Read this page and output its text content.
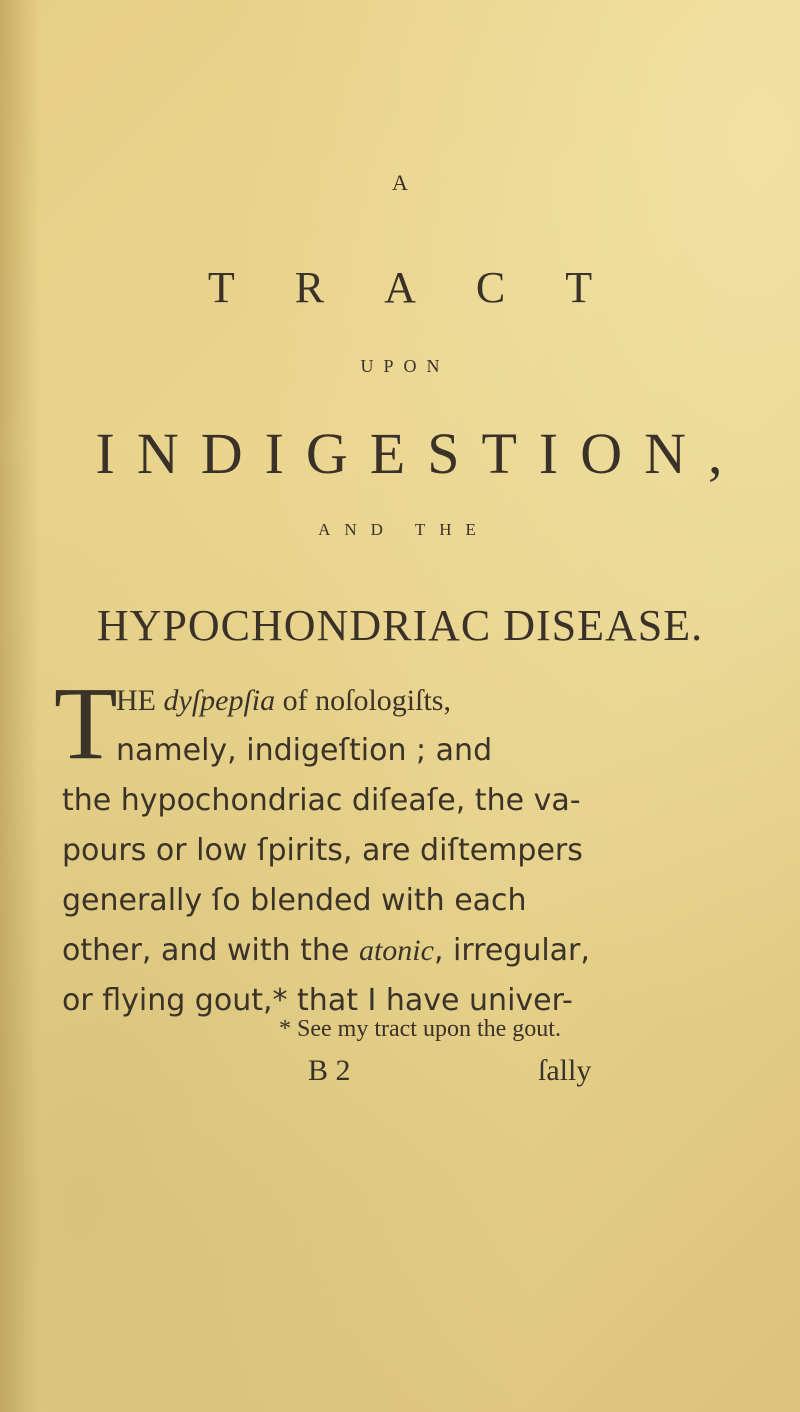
A
TRACT
UPON
INDIGESTION,
AND THE
HYPOCHONDRIAC DISEASE.
T
HE dyſpepſia of noſologiſts,
namely, indigeſtion ; and
the hypochondriac diſeaſe, the va-
pours or low ſpirits, are diſtempers
generally ſo blended with each
other, and with the atonic, irregular,
or flying gout,* that I have univer-
* See my tract upon the gout.
B 2	ſally
